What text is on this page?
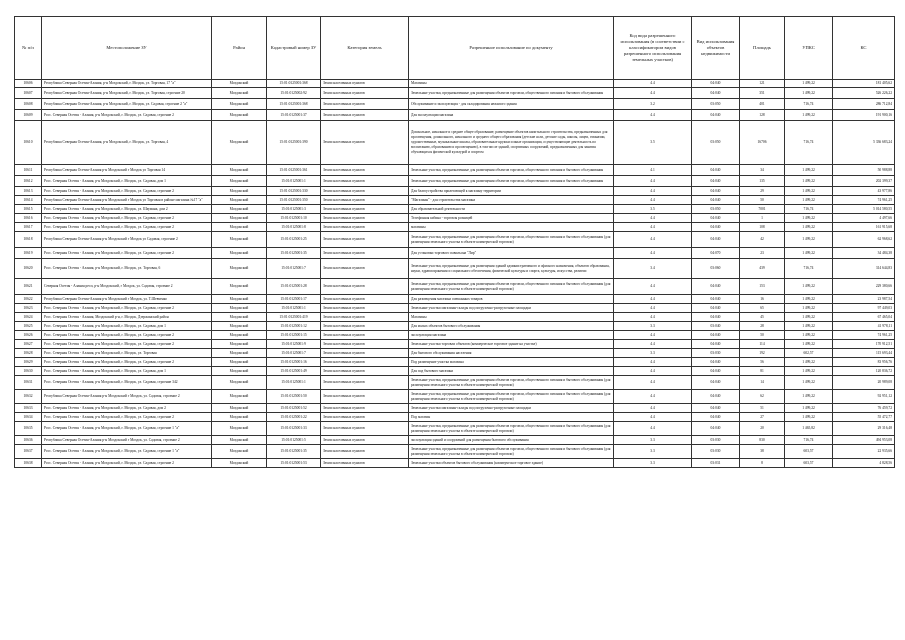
№ п/п	Местоположение ЗУ	Район	Кадастровый номер ЗУ	Категория земель	Разрешенное использование по документу	Код вида разрешенного использования (в соответствии с классификатором видов разрешенного использования земельных участков)	Вид использования объектов недвижимости	Площадь	УПКС	КС
10606	Республика Северная Осетия-Алания, р-н Моздокский, г. Моздок, ул. Торговая, 17 "а"	Моздокский	15:01:0125001:368	Земли населенных пунктов	Магазины	4.4	04:040	121	1 499,22	181 405,62
10607	Республика Северная Осетия-Алания, р-н Моздокский, г. Моздок, ул. Торговая, строение 20	Моздокский	15:01:0125002:92	Земли населенных пунктов	Земельные участки, предназначенные для размещения объектов торговли, общественного питания и бытового обслуживания	4.4	04:040	351	1 499,22	526 226,22
10608	Республика Северная Осетия-Алания, р-н Моздокский, г. Моздок, ул. Садовая, строение 2 "а"	Моздокский	15:01:0125001:368	Земли населенных пунктов	Обслуживание и эксплуатация - для складирования нежилого здания	3.2	03:050	401	716,74	286 712,84
10609	Росс. Северная Осетия - Алания, р-н Моздокский, г. Моздок, ул. Садовая, строение 2	Моздокский	15:01:0125001:37	Земли населенных пунктов	Для эксплуатации магазина	4.4	04:040	128	1 499,22	191 900,16
10610	Республика Северная Осетия-Алания, р-н Моздокский, г. Моздок, ул. Торговая, 4	Моздокский	15:01:0125001:390	Земли населенных пунктов	Дошкольное, начальное и среднее общее образование; размещение объектов капитального строительства, предназначенных для просвещения, дошкольного, начального и среднего общего образования (детские ясли, детские сады, школы, лицеи, гимназии, художественные, музыкальные школы, образовательные кружки и иные организации, осуществляющие деятельность по воспитанию, образованию и просвещению), в том числе зданий, спортивных сооружений, предназначенных для занятия обучающихся физической культурой и спортом	3.5	03:050	16706	716,74	5 336 683,24
10611	Республика Северная Осетия-Алания р-н Моздокский г Моздок ул Торговая 14	Моздокский	15:01:0125001:361	Земли населенных пунктов	Земельные участки, предназначенные для размещения объектов торговли, общественного питания и бытового обслуживания	4.1	04:040	34	1 499,22	50 988,88
10612	Росс. Северная Осетия - Алания, р-н Моздокский, г. Моздок, ул. Садовая, дом 1	Моздокский	15:01:0125001:1	Земли населенных пунктов	Земельные участки, предназначенные для размещения объектов торговли, общественного питания и бытового обслуживания	4.4	04:040	135	1 499,22	202 399,37
10613	Росс. Северная Осетия - Алания, р-н Моздокский, г. Моздок, ул. Садовая, строение 2	Моздокский	15:01:0125001:330	Земли населенных пунктов	Для благоустройства прилегающей к магазину территории	4.4	04:040	29	1 499,22	43 977,86
10614	Республика Северная Осетия-Алания р-н Моздокский г Моздок ул Торговая в районе магазина №17 "а"	Моздокский	15:01:0125001:350	Земли населенных пунктов	"Магазины" - для строительства магазина	4.4	04:040	50	1 499,22	74 961,25
10615	Росс. Северная Осетия - Алания, р-н Моздокский, г. Моздок, ул. Шаумяна, дом 2	Моздокский	15:01:0125001:3	Земли населенных пунктов	Для образовательной деятельности	3.5	03:050	7001	716,74	5 014 580,55
10616	Росс. Северная Осетия - Алания, р-н Моздокский, г. Моздок, ул. Садовая, строение 2	Моздокский	15:01:0125001:10	Земли населенных пунктов	Телефонная кабина - торговля розницей	4.4	04:040	1	1 499,22	4 497,66
10617	Росс. Северная Осетия - Алания, р-н Моздокский, г. Моздок, ул. Садовая, строение 2	Моздокский	15:01:0125001:8	Земли населенных пунктов	магазины	4.4	04:040	108	1 499,22	161 915,68
10618	Республика Северная Осетия-Алания р-н Моздокский г Моздок ул Садовая, строение 2	Моздокский	15:01:0125001:25	Земли населенных пунктов	Земельные участки, предназначенные для размещения объектов торговли, общественного питания и бытового обслуживания (для размещения земельного участка в объекте коммерческой торговли)	4.4	04:040	42	1 499,22	62 968,62
10619	Росс. Северная Осетия - Алания, р-н Моздокский, г. Моздок, ул. Садовая, строение 2	Моздокский	15:01:0125001:35	Земли населенных пунктов	Для установки торгового павильона "Лир"	4.4	04:070	23	1 499,22	34 484,38
10620	Росс. Северная Осетия - Алания, р-н Моздокский, г. Моздок, ул. Торговая, 6	Моздокский	15:01:0125001:7	Земли населенных пунктов	Земельные участки, предназначенные для размещения зданий административного и офисного назначения, объектов образования, науки, здравоохранения и социального обеспечения, физической культуры и спорта, культуры, искусства, религии	3.4	03:060	439	716,74	314 644,83
10621	Северная Осетия - Алания респ, р-н Моздокский, г Моздок, ул. Садовая, строение 2	Моздокский	15:01:0125001:28	Земли населенных пунктов	Земельные участки, предназначенные для размещения объектов торговли, общественного питания и бытового обслуживания (для размещения земельного участка в объекте коммерческой торговли)	4.4	04:040	153	1 499,22	229 380,66
10622	Республика Северная Осетия-Алания р-н Моздокский г Моздок, ул. Т.Шевченко	Моздокский	15:01:0125001:17	Земли населенных пунктов	Для размещения магазина смешанных товаров	4.4	04:040	16	1 499,22	23 987,54
10623	Росс. Северная Осетия - Алания, р-н Моздокский, г. Моздок, ул. Садовая, строение 2	Моздокский	15:01:0125001:1	Земли населенных пунктов	Земельные участки магазины-склады под погрузочно-разгрузочные площадки	4.4	04:040	65	1 499,22	97 449,03
10624	Росс. Северная Осетия - Алания, Моздокский р-н, г. Моздок, Дзержинский район	Моздокский	15:01:0125001:419	Земли населенных пунктов	Магазины	4.4	04:040	45	1 499,22	67 465,04
10625	Росс. Северная Осетия - Алания, р-н Моздокский, г. Моздок, ул. Садовая, дом 1	Моздокский	15:01:0125001:12	Земли населенных пунктов	Для малых объектов бытового обслуживания	3.3	03:040	28	1 499,22	41 978,11
10626	Росс. Северная Осетия - Алания, р-н Моздокский, г. Моздок, ул. Садовая, строение 2	Моздокский	15:01:0125001:15	Земли населенных пунктов	эксплуатация магазина	4.4	04:040	50	1 499,22	74 961,25
10627	Росс. Северная Осетия - Алания, р-н Моздокский, г. Моздок, ул. Садовая, строение 2	Моздокский	15:01:0125001:9	Земли населенных пунктов	Земельные участки торговли объектов (коммерческое торговое здание на участке)	4.4	04:040	114	1 499,22	170 912,51
10628	Росс. Северная Осетия - Алания, р-н Моздокский, г. Моздок, ул. Торговая	Моздокский	15:01:0125001:7	Земли населенных пунктов	Для бытового обслуживания населения	3.3	03:030	192	602,57	115 693,44
10629	Росс. Северная Осетия - Алания, р-н Моздокский, г. Моздок, ул. Садовая, строение 2	Моздокский	15:01:0125001:16	Земли населенных пунктов	Под размещение участка магазина	4.4	04:040	56	1 499,22	83 956,76
10630	Росс. Северная Осетия - Алания, р-н Моздокский, г. Моздок, ул. Садовая, дом 1	Моздокский	15:01:0125001:49	Земли населенных пунктов	Для под бытового магазина	4.4	04:040	81	1 499,22	120 836,72
10631	Росс. Северная Осетия - Алания, р-н Моздокский, г. Моздок, ул. Садовая, строение 342	Моздокский	15:01:0125001:1	Земли населенных пунктов	Земельные участки, предназначенные для размещения объектов торговли, общественного питания и бытового обслуживания (для размещения земельного участка в объекте коммерческой торговли)	4.4	04:040	14	1 499,22	20 989,08
10632	Республика Северная Осетия-Алания р-н Моздокский г Моздок, ул. Садовая, строение 2	Моздокский	15:01:0125001:50	Земли населенных пунктов	Земельные участки, предназначенные для размещения объектов торговли, общественного питания и бытового обслуживания (для размещения земельного участка в объекте коммерческой торговли)	4.4	04:040	62	1 499,22	92 951,12
10633	Росс. Северная Осетия - Алания, р-н Моздокский, г. Моздок, ул. Садовая, дом 2	Моздокский	15:01:0125001:52	Земли населенных пунктов	Земельные участки магазины-склады под погрузочно-разгрузочные площадки	4.4	04:040	51	1 499,22	76 459,72
10634	Росс. Северная Осетия - Алания, р-н Моздокский, г. Моздок, ул. Садовая, строение 2	Моздокский	15:01:0125001:22	Земли населенных пунктов	Под магазин	4.4	04:040	27	1 499,22	55 472,77
10635	Росс. Северная Осетия - Алания, р-н Моздокский, г. Моздок, ул. Садовая, строение 1 "а"	Моздокский	15:01:0125001:33	Земли населенных пунктов	Земельные участки, предназначенные для размещения объектов торговли, общественного питания и бытового обслуживания (для размещения земельного участка в объекте коммерческой торговли)	4.4	04:040	20	1 465,82	29 316,48
10636	Республика Северная Осетия-Алания р-н Моздокский г Моздок, ул. Садовая, строение 2	Моздокский	15:01:0125001:5	Земли населенных пунктов	эксплуатация зданий и сооружений для размещения бытового обслуживания	3.3	03:030	830	716,74	494 953,08
10637	Росс. Северная Осетия - Алания, р-н Моздокский, г. Моздок, ул. Садовая, строение 1 "а"	Моздокский	15:01:0125001:35	Земли населенных пунктов	Земельные участки, предназначенные для размещения объектов торговли, общественного питания и бытового обслуживания (для размещения земельного участка в объекте коммерческой торговли)	3.3	03:030	38	603,57	22 935,66
10638	Росс. Северная Осетия - Алания, р-н Моздокский, г. Моздок, ул. Садовая, строение 2	Моздокский	15:01:0125001:53	Земли населенных пунктов	Земельные участки объектов бытового обслуживания (коммерческое торговое здание)	3.3	03:031	8	603,57	4 828,56
